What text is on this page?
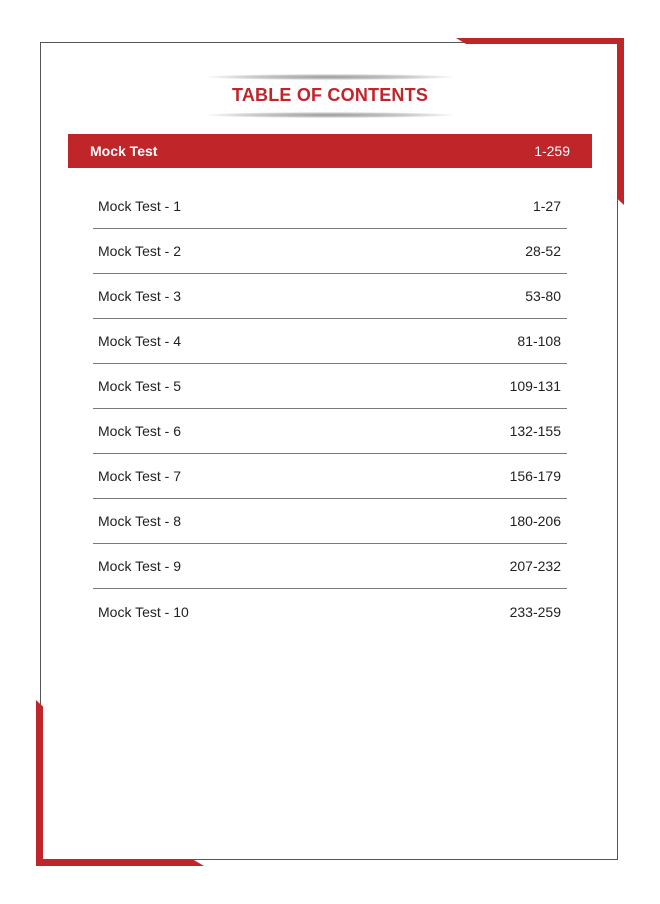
TABLE OF CONTENTS
Mock Test	1-259
Mock Test - 1	1-27
Mock Test - 2	28-52
Mock Test - 3	53-80
Mock Test - 4	81-108
Mock Test - 5	109-131
Mock Test - 6	132-155
Mock Test - 7	156-179
Mock Test - 8	180-206
Mock Test - 9	207-232
Mock Test - 10	233-259
